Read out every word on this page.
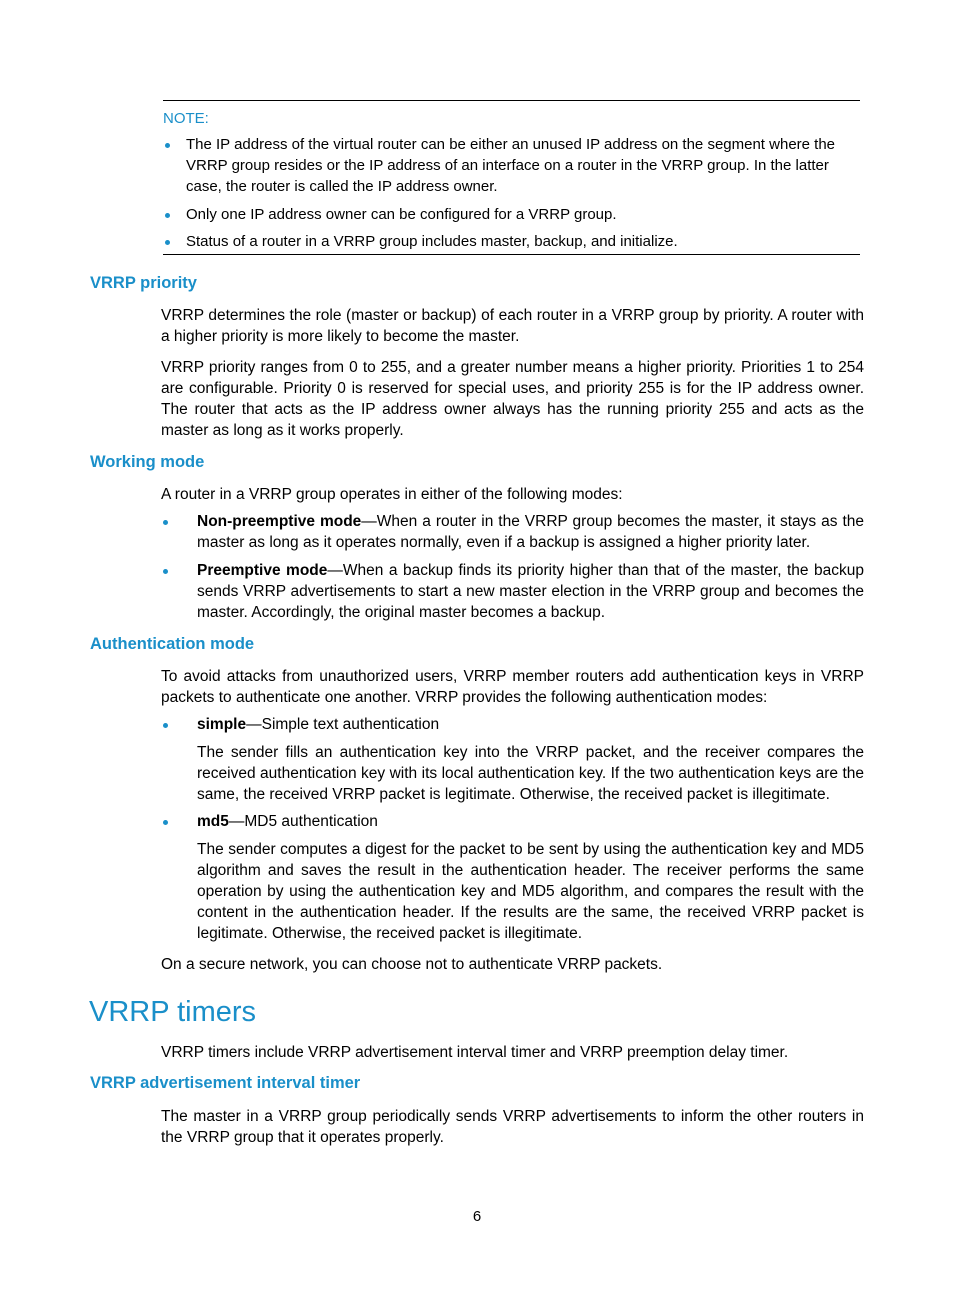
NOTE:
The IP address of the virtual router can be either an unused IP address on the segment where the VRRP group resides or the IP address of an interface on a router in the VRRP group. In the latter case, the router is called the IP address owner.
Only one IP address owner can be configured for a VRRP group.
Status of a router in a VRRP group includes master, backup, and initialize.
VRRP priority
VRRP determines the role (master or backup) of each router in a VRRP group by priority. A router with a higher priority is more likely to become the master.
VRRP priority ranges from 0 to 255, and a greater number means a higher priority. Priorities 1 to 254 are configurable. Priority 0 is reserved for special uses, and priority 255 is for the IP address owner. The router that acts as the IP address owner always has the running priority 255 and acts as the master as long as it works properly.
Working mode
A router in a VRRP group operates in either of the following modes:
Non-preemptive mode—When a router in the VRRP group becomes the master, it stays as the master as long as it operates normally, even if a backup is assigned a higher priority later.
Preemptive mode—When a backup finds its priority higher than that of the master, the backup sends VRRP advertisements to start a new master election in the VRRP group and becomes the master. Accordingly, the original master becomes a backup.
Authentication mode
To avoid attacks from unauthorized users, VRRP member routers add authentication keys in VRRP packets to authenticate one another. VRRP provides the following authentication modes:
simple—Simple text authentication
The sender fills an authentication key into the VRRP packet, and the receiver compares the received authentication key with its local authentication key. If the two authentication keys are the same, the received VRRP packet is legitimate. Otherwise, the received packet is illegitimate.
md5—MD5 authentication
The sender computes a digest for the packet to be sent by using the authentication key and MD5 algorithm and saves the result in the authentication header. The receiver performs the same operation by using the authentication key and MD5 algorithm, and compares the result with the content in the authentication header. If the results are the same, the received VRRP packet is legitimate. Otherwise, the received packet is illegitimate.
On a secure network, you can choose not to authenticate VRRP packets.
VRRP timers
VRRP timers include VRRP advertisement interval timer and VRRP preemption delay timer.
VRRP advertisement interval timer
The master in a VRRP group periodically sends VRRP advertisements to inform the other routers in the VRRP group that it operates properly.
6
